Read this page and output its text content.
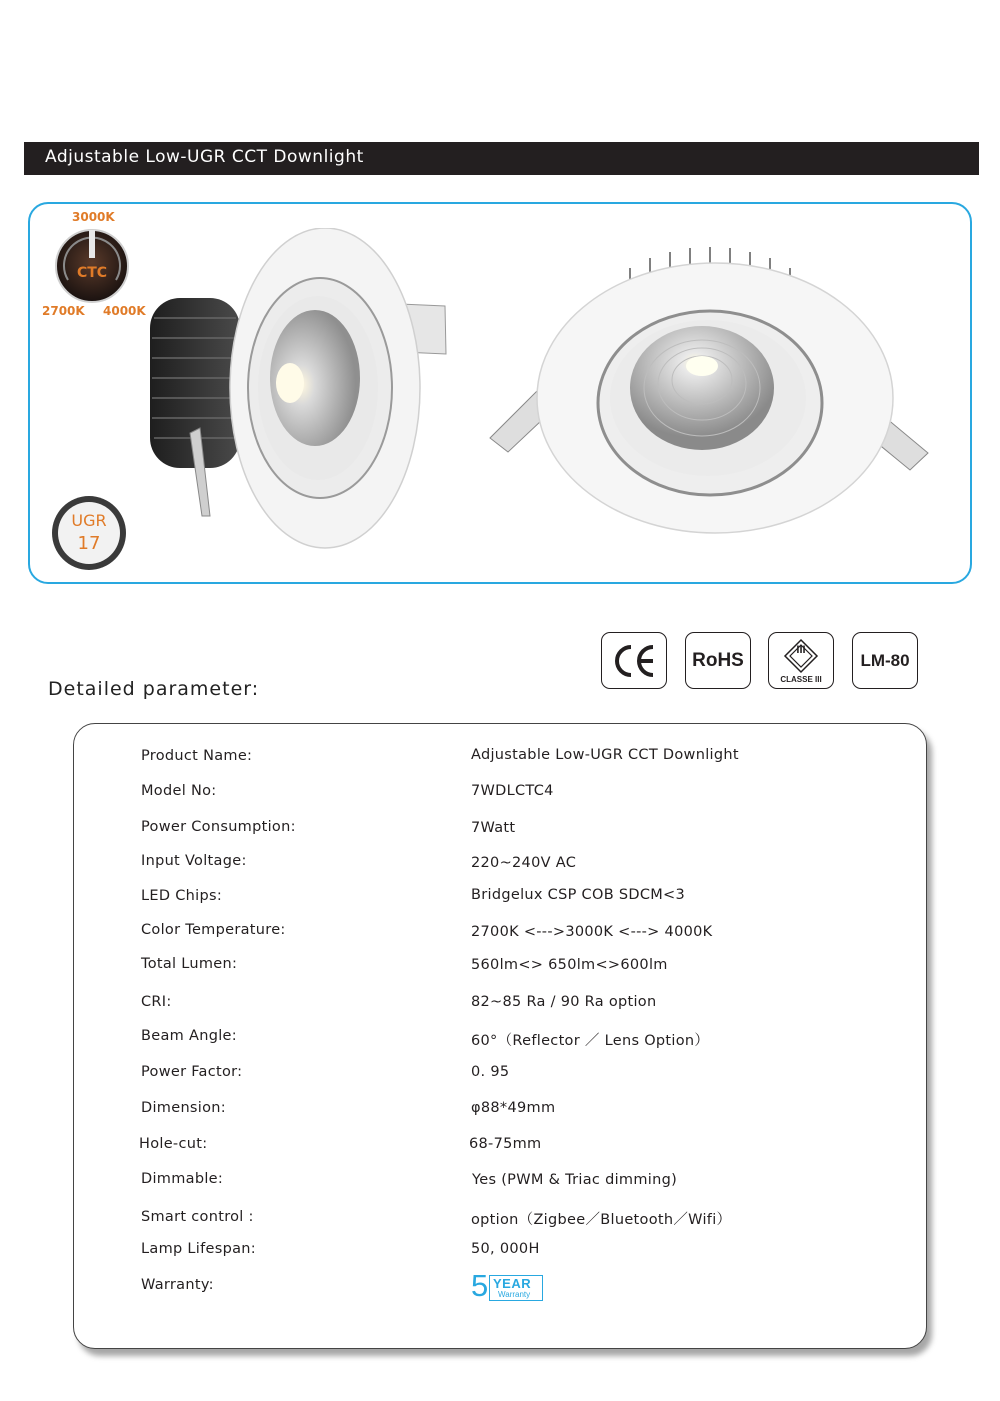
Adjustable Low-UGR CCT Downlight
3000K
CTC
2700K 4000K
UGR
17
RoHS	III
CLASSE III
LM-80
Detailed parameter:
Product Name:	Adjustable Low-UGR CCT Downlight
Model No:	7WDLCTC4
Power Consumption:	7Watt
Input Voltage:	220~240V AC
LED Chips:	Bridgelux CSP COB SDCM<3
Color Temperature:	2700K <--->3000K <---> 4000K
Total Lumen:	560lm<> 650lm<>600lm
CRI:	82~85 Ra / 90 Ra option
Beam Angle:	60°（Reflector ／ Lens Option）
Power Factor:	0. 95
Dimension:	φ88*49mm
Hole-cut:	68-75mm
Dimmable:	Yes (PWM & Triac dimming)
Smart control :	option（Zigbee／Bluetooth／Wifi）
Lamp Lifespan:	50, 000H
Warranty:	5 YEAR
Warranty
